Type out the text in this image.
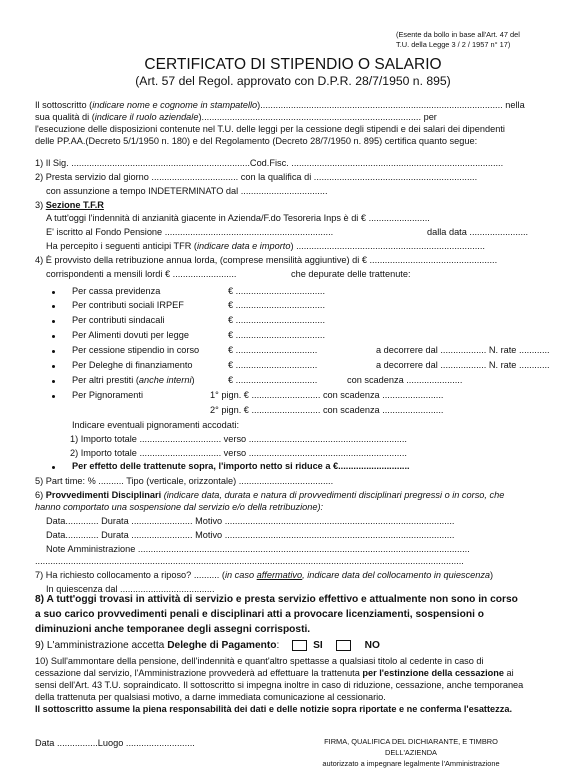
(Esente da bollo in base all'Art. 47 del
T.U. della Legge 3 / 2 / 1957 n° 17)
CERTIFICATO DI STIPENDIO O SALARIO
(Art. 57 del Regol. approvato con D.P.R. 28/7/1950 n. 895)
Il sottoscritto (indicare nome e cognome in stampatello)............................................................................................... nella
sua qualità di (indicare il ruolo aziendale)...................................................................................... per
l'esecuzione delle disposizioni contenute nel T.U. delle leggi per la cessione degli stipendi e dei salari dei dipendenti
delle PP.AA.(Decreto 5/1/1950 n. 180) e del Regolamento (Decreto 28/7/1950 n. 895) certifica quanto segue:
1) Il Sig. ......................................................................Cod.Fisc. ...................................................................................
2) Presta servizio dal giorno .................................. con la qualifica di ................................................................
con assunzione a tempo INDETERMINATO dal ..................................
3) Sezione T.F.R
A tutt'oggi l'indennità di anzianità giacente in Azienda/F.do Tesoreria Inps è di € ........................
E' iscritto al Fondo Pensione ..................................................................	dalla data .......................
Ha percepito i seguenti anticipi TFR (indicare data e importo) ..........................................................................
4) È provvisto della retribuzione annua lorda, (comprese mensilità aggiuntive) di € ..................................................
corrispondenti a mensili lordi € .........................	che depurate delle trattenute:
Per cassa previdenza	€ ...................................
Per contributi sociali IRPEF	€ ...................................
Per contributi sindacali	€ ...................................
Per Alimenti dovuti per legge	€ ...................................
Per cessione stipendio in corso	€ ................................	a decorrere dal .................. N. rate ............
Per Deleghe di finanziamento	€ ................................	a decorrere dal .................. N. rate ............
Per altri prestiti (anche interni)	€ ................................	con scadenza ......................
Per Pignoramenti	1° pign. € ........................... con scadenza ........................
2° pign. € ........................... con scadenza ........................
Indicare eventuali pignoramenti accodati:
1) Importo totale ................................ verso ..............................................................
2) Importo totale ................................ verso ..............................................................
Per effetto delle trattenute sopra, l'importo netto si riduce a €............................
5) Part time: % .......... Tipo (verticale, orizzontale) .....................................
6) Provvedimenti Disciplinari (indicare data, durata e natura di provvedimenti disciplinari pregressi o in corso, che
hanno comportato una sospensione dal servizio e/o della retribuzione):
Data............. Durata ........................ Motivo ..........................................................................................
Data............. Durata ........................ Motivo ..........................................................................................
Note Amministrazione ..................................................................................................................................
........................................................................................................................................................................
7) Ha richiesto collocamento a riposo? .......... (in caso affermativo, indicare data del collocamento in quiescenza)
In quiescenza dal .....................................
8) A tutt'oggi trovasi in attività di servizio e presta servizio effettivo e attualmente non sono in corso
a suo carico provvedimenti penali e disciplinari atti a provocare licenziamenti, sospensioni o
diminuzioni anche temporanee degli assegni corrisposti.
9) L'amministrazione accetta Deleghe di Pagamento:	SI	NO
10) Sull'ammontare della pensione, dell'indennità e quant'altro spettasse a qualsiasi titolo al cedente in caso di
cessazione dal servizio, l'Amministrazione provvederà ad effettuare la trattenuta per l'estinzione della cessazione ai
sensi dell'Art. 43 T.U. sopraindicato. Il sottoscritto si impegna inoltre in caso di riduzione, cessazione, anche temporanea
della trattenuta per qualsiasi motivo, a darne immediata comunicazione al cessionario.
Il sottoscritto assume la piena responsabilità dei dati e delle notizie sopra riportate e ne conferma l'esattezza.
Data ................Luogo ...........................	FIRMA, QUALIFICA DEL DICHIARANTE, E TIMBRO
DELL'AZIENDA
autorizzato a impegnare legalmente l'Amministrazione
